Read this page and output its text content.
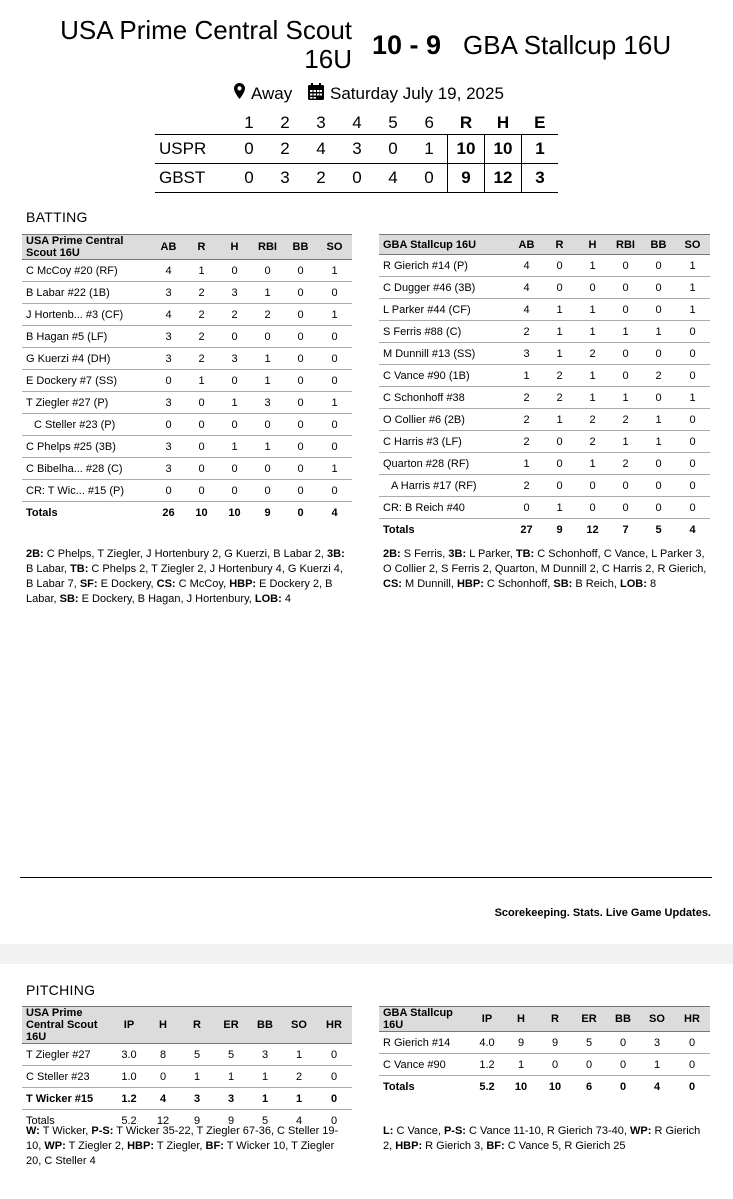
USA Prime Central Scout 16U 10 - 9 GBA Stallcup 16U
Away Saturday July 19, 2025
	1	2	3	4	5	6	R	H	E
USPR	0	2	4	3	0	1	10	10	1
GBST	0	3	2	0	4	0	9	12	3
BATTING
USA Prime Central Scout 16U	AB	R	H	RBI	BB	SO
C McCoy #20 (RF)	4	1	0	0	0	1
B Labar #22 (1B)	3	2	3	1	0	0
J Hortenb... #3 (CF)	4	2	2	2	0	1
B Hagan #5 (LF)	3	2	0	0	0	0
G Kuerzi #4 (DH)	3	2	3	1	0	0
E Dockery #7 (SS)	0	1	0	1	0	0
T Ziegler #27 (P)	3	0	1	3	0	1
C Steller #23 (P)	0	0	0	0	0	0
C Phelps #25 (3B)	3	0	1	1	0	0
C Bibelha... #28 (C)	3	0	0	0	0	1
CR: T Wic... #15 (P)	0	0	0	0	0	0
Totals	26	10	10	9	0	4
GBA Stallcup 16U	AB	R	H	RBI	BB	SO
R Gierich #14 (P)	4	0	1	0	0	1
C Dugger #46 (3B)	4	0	0	0	0	1
L Parker #44 (CF)	4	1	1	0	0	1
S Ferris #88 (C)	2	1	1	1	1	0
M Dunnill #13 (SS)	3	1	2	0	0	0
C Vance #90 (1B)	1	2	1	0	2	0
C Schonhoff #38	2	2	1	1	0	1
O Collier #6 (2B)	2	1	2	2	1	0
C Harris #3 (LF)	2	0	2	1	1	0
Quarton #28 (RF)	1	0	1	2	0	0
A Harris #17 (RF)	2	0	0	0	0	0
CR: B Reich #40	0	1	0	0	0	0
Totals	27	9	12	7	5	4
2B: C Phelps, T Ziegler, J Hortenbury 2, G Kuerzi, B Labar 2, 3B: B Labar, TB: C Phelps 2, T Ziegler 2, J Hortenbury 4, G Kuerzi 4, B Labar 7, SF: E Dockery, CS: C McCoy, HBP: E Dockery 2, B Labar, SB: E Dockery, B Hagan, J Hortenbury, LOB: 4
2B: S Ferris, 3B: L Parker, TB: C Schonhoff, C Vance, L Parker 3, O Collier 2, S Ferris 2, Quarton, M Dunnill 2, C Harris 2, R Gierich, CS: M Dunnill, HBP: C Schonhoff, SB: B Reich, LOB: 8
Scorekeeping. Stats. Live Game Updates.
PITCHING
USA Prime Central Scout 16U	IP	H	R	ER	BB	SO	HR
T Ziegler #27	3.0	8	5	5	3	1	0
C Steller #23	1.0	0	1	1	1	2	0
T Wicker #15	1.2	4	3	3	1	1	0
Totals	5.2	12	9	9	5	4	0
GBA Stallcup 16U	IP	H	R	ER	BB	SO	HR
R Gierich #14	4.0	9	9	5	0	3	0
C Vance #90	1.2	1	0	0	0	1	0
Totals	5.2	10	10	6	0	4	0
W: T Wicker, P-S: T Wicker 35-22, T Ziegler 67-36, C Steller 19-10, WP: T Ziegler 2, HBP: T Ziegler, BF: T Wicker 10, T Ziegler 20, C Steller 4
L: C Vance, P-S: C Vance 11-10, R Gierich 73-40, WP: R Gierich 2, HBP: R Gierich 3, BF: C Vance 5, R Gierich 25
